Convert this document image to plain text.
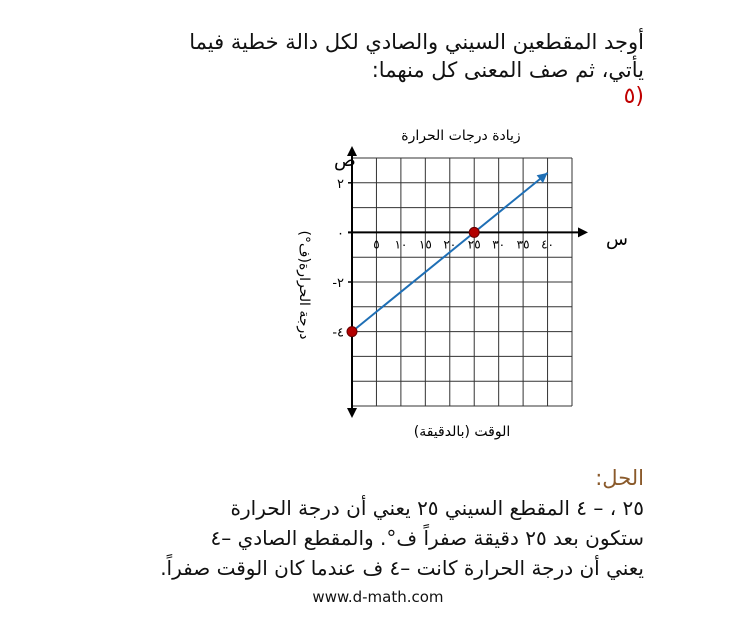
أوجد المقطعين السيني والصادي لكل دالة خطية فيما
يأتي، ثم صف المعنى كل منهما:
٥)
زيادة درجات الحرارة
٥ ١٠ ١٥ ٢٠ ٢٥ ٣٠ ٣٥ ٤٠
٢
٠
-٢
-٤
س
ص
درجة الحرارة(ف°)
الوقت (بالدقيقة)
الحل:
٢٥ ، – ٤ المقطع السيني ٢٥ يعني أن درجة الحرارة
ستكون بعد ٢٥ دقيقة صفراً ف°. والمقطع الصادي –٤
يعني أن درجة الحرارة كانت –٤ ف عندما كان الوقت صفراً.
www.d-math.com
